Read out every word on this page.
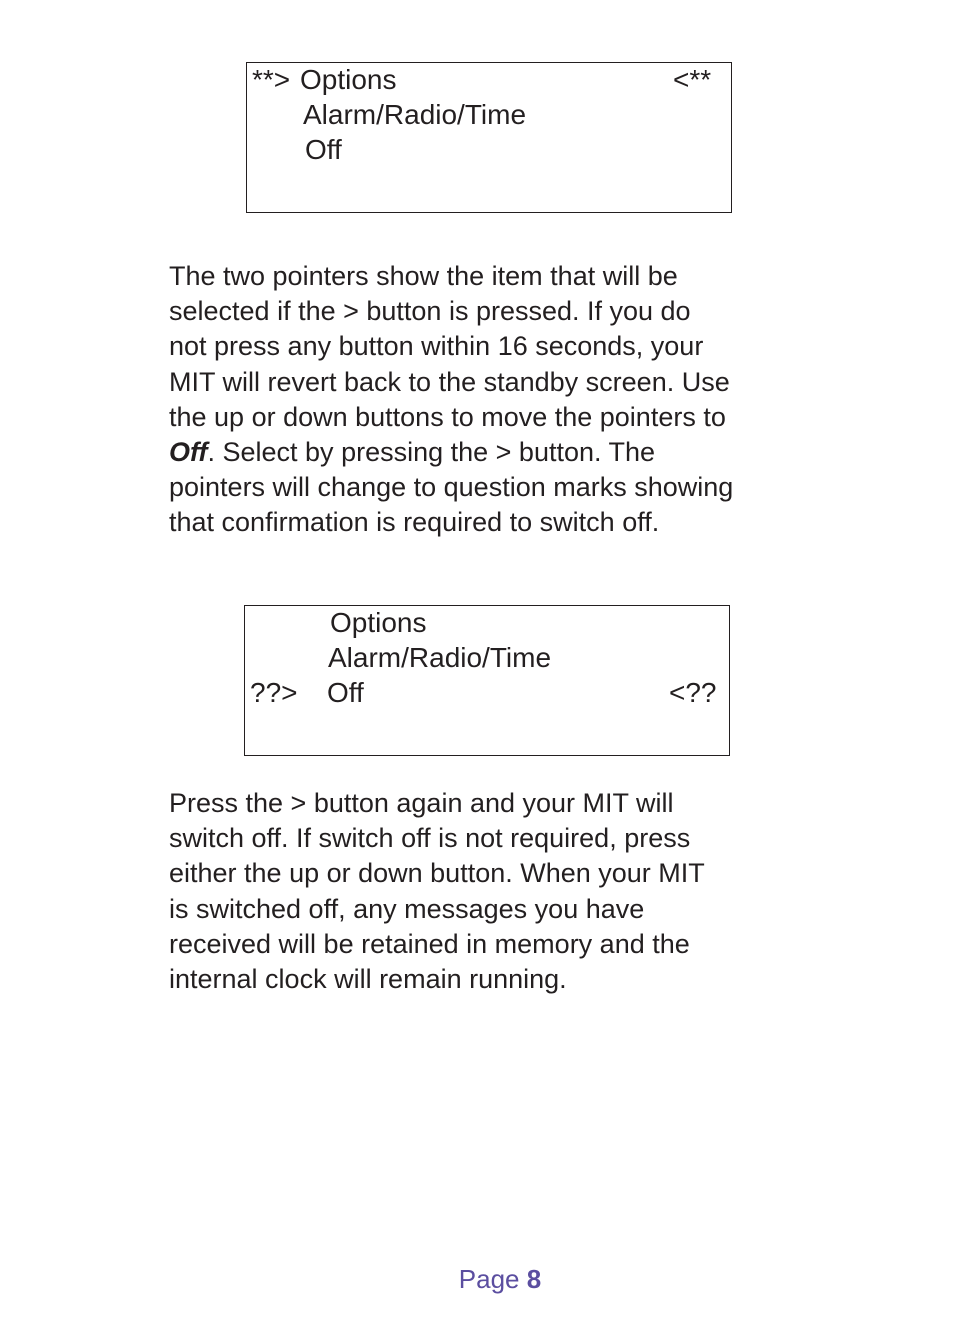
**> Options	<**
Alarm/Radio/Time
Off
The two pointers show the item that will be
selected if the > button is pressed. If you do
not press any button within 16 seconds, your
MIT will revert back to the standby screen. Use
the up or down buttons to move the pointers to
Off. Select by pressing the > button. The
pointers will change to question marks showing
that confirmation is required to switch off.
Options
Alarm/Radio/Time
??> Off	<??
Press the > button again and your MIT will
switch off. If switch off is not required, press
either the up or down button. When your MIT
is switched off, any messages you have
received will be retained in memory and the
internal clock will remain running.
Page 8
